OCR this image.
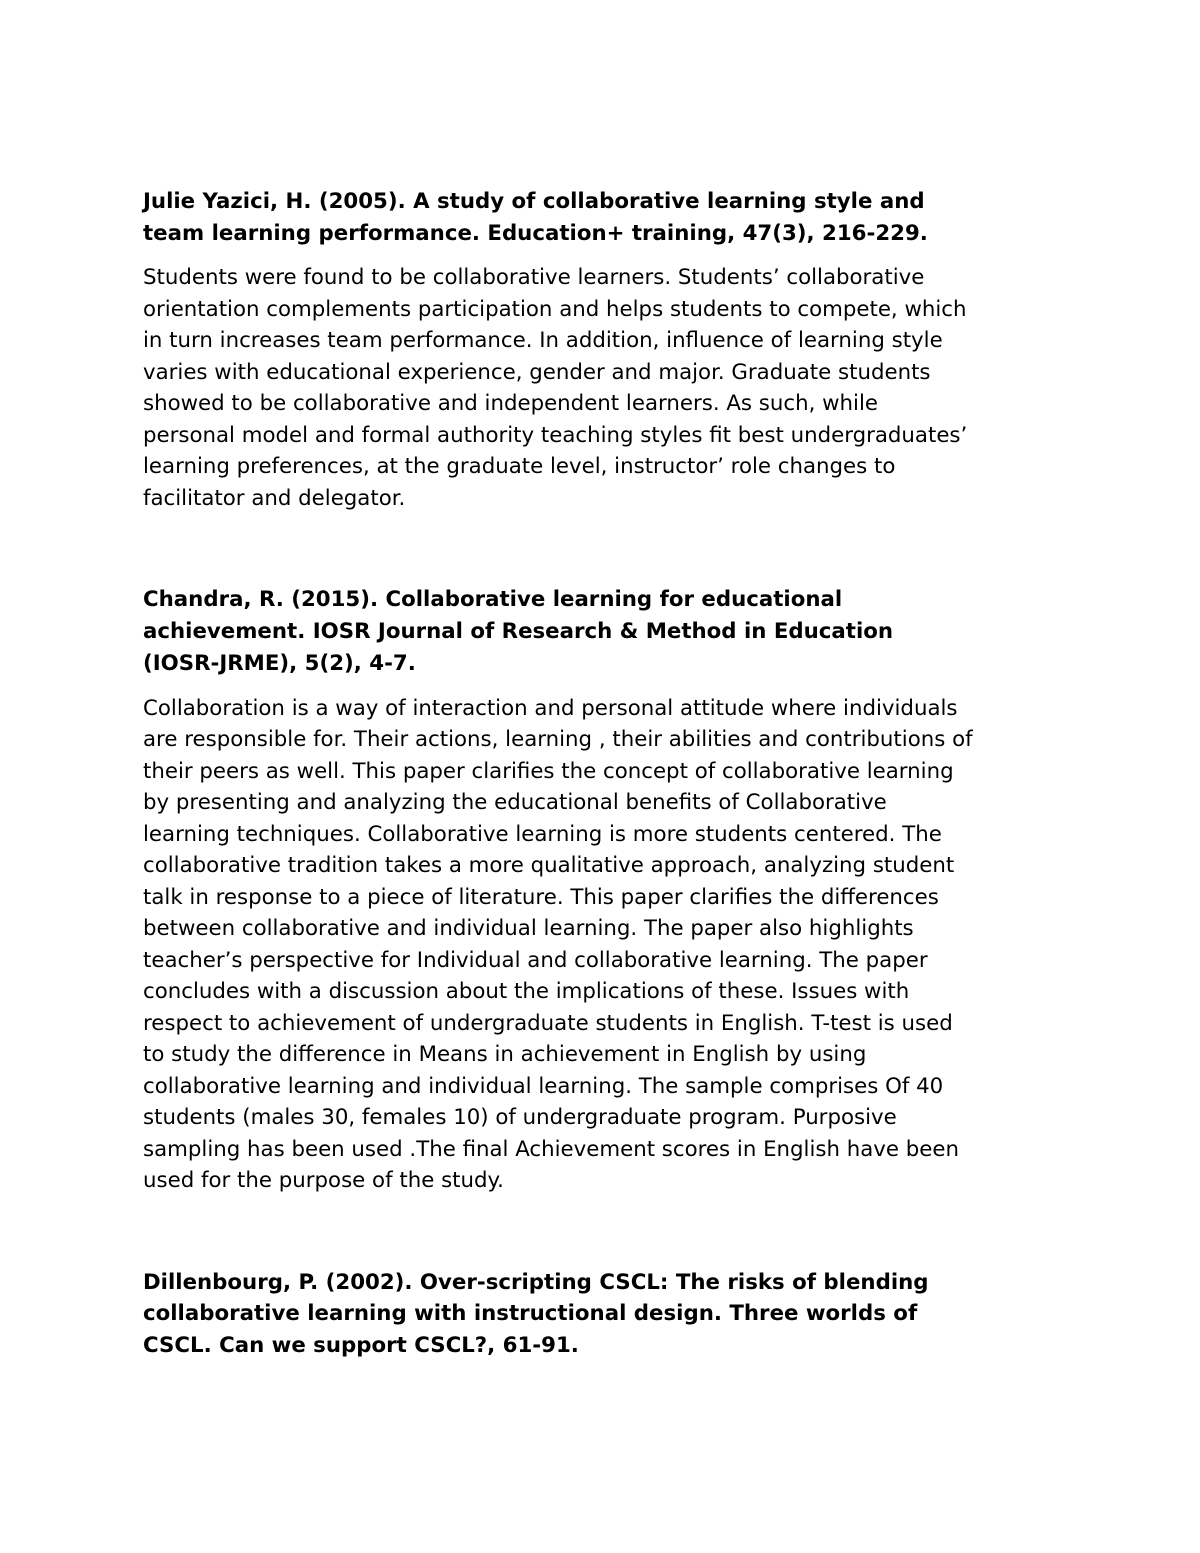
Julie Yazici, H. (2005). A study of collaborative learning style and
team learning performance. Education+ training, 47(3), 216-229.

Students were found to be collaborative learners. Students’ collaborative
orientation complements participation and helps students to compete, which
in turn increases team performance. In addition, influence of learning style
varies with educational experience, gender and major. Graduate students
showed to be collaborative and independent learners. As such, while
personal model and formal authority teaching styles fit best undergraduates’
learning preferences, at the graduate level, instructor’ role changes to
facilitator and delegator.

Chandra, R. (2015). Collaborative learning for educational
achievement. IOSR Journal of Research & Method in Education
(IOSR-JRME), 5(2), 4-7.

Collaboration is a way of interaction and personal attitude where individuals
are responsible for. Their actions, learning , their abilities and contributions of
their peers as well. This paper clarifies the concept of collaborative learning
by presenting and analyzing the educational benefits of Collaborative
learning techniques. Collaborative learning is more students centered. The
collaborative tradition takes a more qualitative approach, analyzing student
talk in response to a piece of literature. This paper clarifies the differences
between collaborative and individual learning. The paper also highlights
teacher’s perspective for Individual and collaborative learning. The paper
concludes with a discussion about the implications of these. Issues with
respect to achievement of undergraduate students in English. T-test is used
to study the difference in Means in achievement in English by using
collaborative learning and individual learning. The sample comprises Of 40
students (males 30, females 10) of undergraduate program. Purposive
sampling has been used .The final Achievement scores in English have been
used for the purpose of the study.

Dillenbourg, P. (2002). Over-scripting CSCL: The risks of blending
collaborative learning with instructional design. Three worlds of
CSCL. Can we support CSCL?, 61-91.
